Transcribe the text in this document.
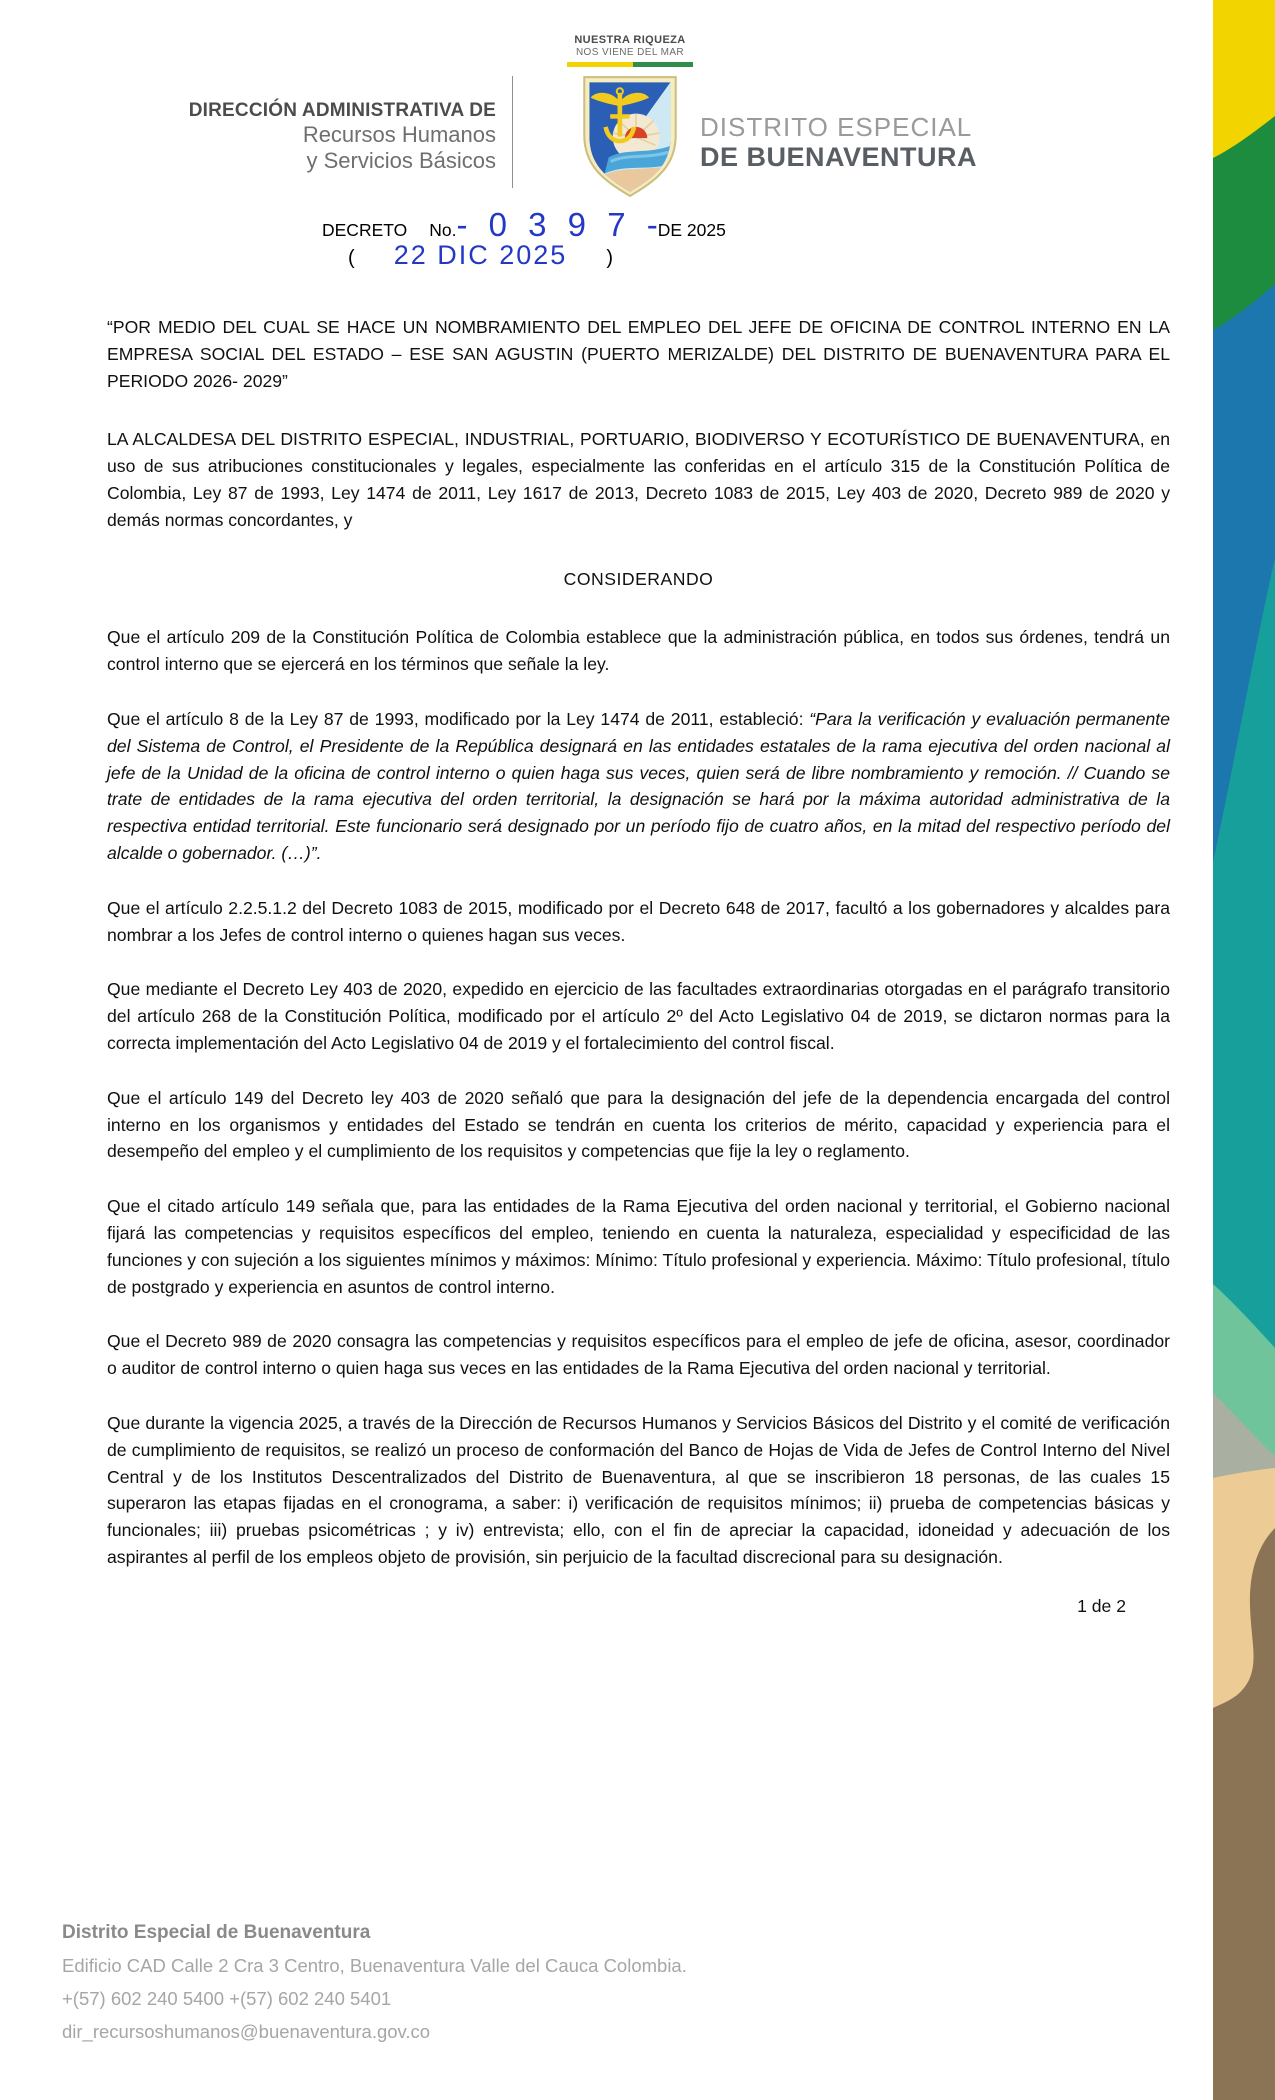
DIRECCIÓN ADMINISTRATIVA DE
Recursos Humanos
y Servicios Básicos
NUESTRA RIQUEZA
NOS VIENE DEL MAR
DISTRITO ESPECIAL
DE BUENAVENTURA
DECRETO No. - 0 3 9 7 -
DE 2025
( 22 DIC 2025 )

“POR MEDIO DEL CUAL SE HACE UN NOMBRAMIENTO DEL EMPLEO DEL JEFE DE OFICINA DE CONTROL INTERNO EN LA EMPRESA SOCIAL DEL ESTADO – ESE SAN AGUSTIN (PUERTO MERIZALDE) DEL DISTRITO DE BUENAVENTURA PARA EL PERIODO 2026- 2029”

LA ALCALDESA DEL DISTRITO ESPECIAL, INDUSTRIAL, PORTUARIO, BIODIVERSO Y ECOTURÍSTICO DE BUENAVENTURA, en uso de sus atribuciones constitucionales y legales, especialmente las conferidas en el artículo 315 de la Constitución Política de Colombia, Ley 87 de 1993, Ley 1474 de 2011, Ley 1617 de 2013, Decreto 1083 de 2015, Ley 403 de 2020, Decreto 989 de 2020 y demás normas concordantes, y

CONSIDERANDO

Que el artículo 209 de la Constitución Política de Colombia establece que la administración pública, en todos sus órdenes, tendrá un control interno que se ejercerá en los términos que señale la ley.

Que el artículo 8 de la Ley 87 de 1993, modificado por la Ley 1474 de 2011, estableció: “Para la verificación y evaluación permanente del Sistema de Control, el Presidente de la República designará en las entidades estatales de la rama ejecutiva del orden nacional al jefe de la Unidad de la oficina de control interno o quien haga sus veces, quien será de libre nombramiento y remoción. // Cuando se trate de entidades de la rama ejecutiva del orden territorial, la designación se hará por la máxima autoridad administrativa de la respectiva entidad territorial. Este funcionario será designado por un período fijo de cuatro años, en la mitad del respectivo período del alcalde o gobernador. (…)”.

Que el artículo 2.2.5.1.2 del Decreto 1083 de 2015, modificado por el Decreto 648 de 2017, facultó a los gobernadores y alcaldes para nombrar a los Jefes de control interno o quienes hagan sus veces.

Que mediante el Decreto Ley 403 de 2020, expedido en ejercicio de las facultades extraordinarias otorgadas en el parágrafo transitorio del artículo 268 de la Constitución Política, modificado por el artículo 2º del Acto Legislativo 04 de 2019, se dictaron normas para la correcta implementación del Acto Legislativo 04 de 2019 y el fortalecimiento del control fiscal.

Que el artículo 149 del Decreto ley 403 de 2020 señaló que para la designación del jefe de la dependencia encargada del control interno en los organismos y entidades del Estado se tendrán en cuenta los criterios de mérito, capacidad y experiencia para el desempeño del empleo y el cumplimiento de los requisitos y competencias que fije la ley o reglamento.

Que el citado artículo 149 señala que, para las entidades de la Rama Ejecutiva del orden nacional y territorial, el Gobierno nacional fijará las competencias y requisitos específicos del empleo, teniendo en cuenta la naturaleza, especialidad y especificidad de las funciones y con sujeción a los siguientes mínimos y máximos: Mínimo: Título profesional y experiencia. Máximo: Título profesional, título de postgrado y experiencia en asuntos de control interno.

Que el Decreto 989 de 2020 consagra las competencias y requisitos específicos para el empleo de jefe de oficina, asesor, coordinador o auditor de control interno o quien haga sus veces en las entidades de la Rama Ejecutiva del orden nacional y territorial.

Que durante la vigencia 2025, a través de la Dirección de Recursos Humanos y Servicios Básicos del Distrito y el comité de verificación de cumplimiento de requisitos, se realizó un proceso de conformación del Banco de Hojas de Vida de Jefes de Control Interno del Nivel Central y de los Institutos Descentralizados del Distrito de Buenaventura, al que se inscribieron 18 personas, de las cuales 15 superaron las etapas fijadas en el cronograma, a saber: i) verificación de requisitos mínimos; ii) prueba de competencias básicas y funcionales; iii) pruebas psicométricas ; y iv) entrevista; ello, con el fin de apreciar la capacidad, idoneidad y adecuación de los aspirantes al perfil de los empleos objeto de provisión, sin perjuicio de la facultad discrecional para su designación.

1 de 2
Distrito Especial de Buenaventura
Edificio CAD Calle 2 Cra 3 Centro, Buenaventura Valle del Cauca Colombia.
+(57) 602 240 5400 +(57) 602 240 5401
dir_recursoshumanos@buenaventura.gov.co
